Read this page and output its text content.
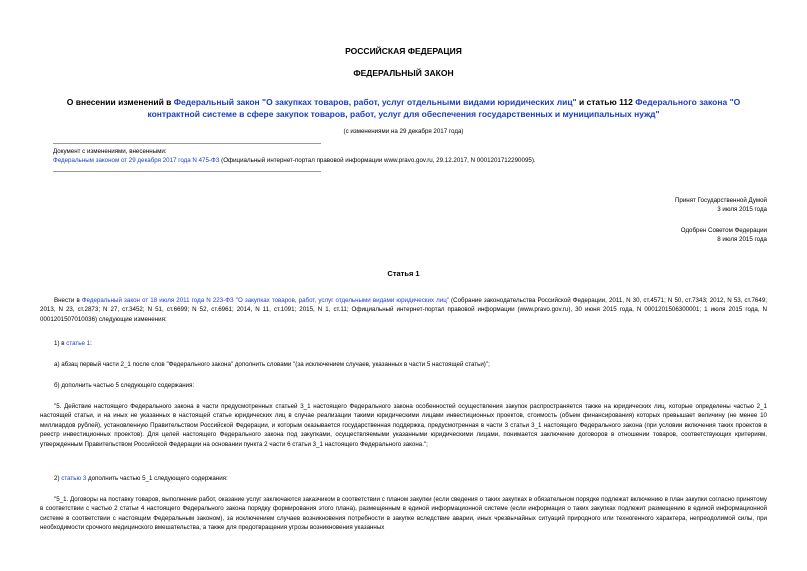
РОССИЙСКАЯ ФЕДЕРАЦИЯ
ФЕДЕРАЛЬНЫЙ ЗАКОН
О внесении изменений в Федеральный закон "О закупках товаров, работ, услуг отдельными видами юридических лиц" и статью 112 Федерального закона "О контрактной системе в сфере закупок товаров, работ, услуг для обеспечения государственных и муниципальных нужд"
(с изменениями на 29 декабря 2017 года)
Документ с изменениями, внесенными:
Федеральным законом от 29 декабря 2017 года N 475-ФЗ (Официальный интернет-портал правовой информации www.pravo.gov.ru, 29.12.2017, N 0001201712290095).
Принят Государственной Думой
3 июля 2015 года
Одобрен Советом Федерации
8 июля 2015 года
Статья 1
Внести в Федеральный закон от 18 июля 2011 года N 223-ФЗ "О закупках товаров, работ, услуг отдельными видами юридических лиц" (Собрание законодательства Российской Федерации, 2011, N 30, ст.4571; N 50, ст.7343; 2012, N 53, ст.7649; 2013, N 23, ст.2873; N 27, ст.3452; N 51, ст.6699; N 52, ст.6961; 2014, N 11, ст.1091; 2015, N 1, ст.11; Официальный интернет-портал правовой информации (www.pravo.gov.ru), 30 июня 2015 года, N 0001201506300001; 1 июля 2015 года, N 0001201507010036) следующие изменения:
1) в статье 1:
а) абзац первый части 2_1 после слов "Федерального закона" дополнить словами "(за исключением случаев, указанных в части 5 настоящей статьи)";
б) дополнить частью 5 следующего содержания:
"5. Действие настоящего Федерального закона в части предусмотренных статьей 3_1 настоящего Федерального закона особенностей осуществления закупок распространяется также на юридических лиц, которые определены частью 2_1 настоящей статьи, и на иных не указанных в настоящей статье юридических лиц в случае реализации такими юридическими лицами инвестиционных проектов, стоимость (объем финансирования) которых превышает величину (не менее 10 миллиардов рублей), установленную Правительством Российской Федерации, и которым оказывается государственная поддержка, предусмотренная в части 3 статьи 3_1 настоящего Федерального закона (при условии включения таких проектов в реестр инвестиционных проектов). Для целей настоящего Федерального закона под закупками, осуществляемыми указанными юридическими лицами, понимается заключение договоров в отношении товаров, соответствующих критериям, утвержденным Правительством Российской Федерации на основании пункта 2 части 6 статьи 3_1 настоящего Федерального закона.";
2) статью 3 дополнить частью 5_1 следующего содержания:
"5_1. Договоры на поставку товаров, выполнение работ, оказание услуг заключаются заказчиком в соответствии с планом закупки (если сведения о таких закупках в обязательном порядке подлежат включению в план закупки согласно принятому в соответствии с частью 2 статьи 4 настоящего Федерального закона порядку формирования этого плана), размещенным в единой информационной системе (если информация о таких закупках подлежит размещению в единой информационной системе в соответствии с настоящим Федеральным законом), за исключением случаев возникновения потребности в закупке вследствие аварии, иных чрезвычайных ситуаций природного или техногенного характера, непреодолимой силы, при необходимости срочного медицинского вмешательства, а также для предотвращения угрозы возникновения указанных
